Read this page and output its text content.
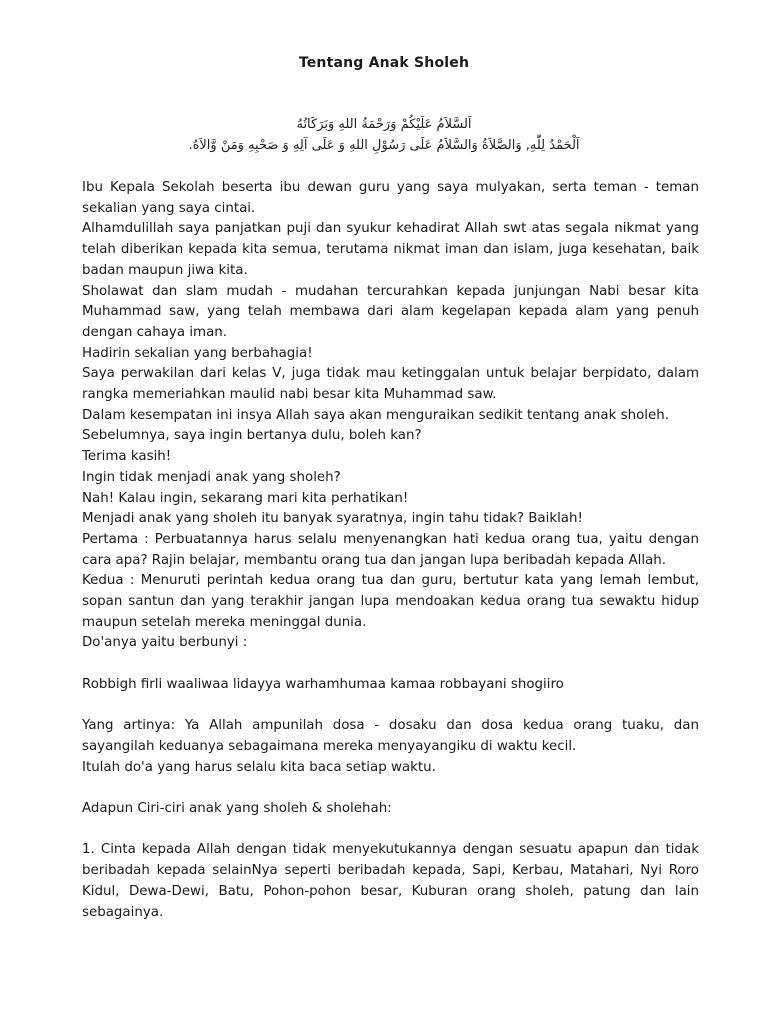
Tentang Anak Sholeh
اَلسَّلاَمُ عَلَيْكُمْ وَرَحْمَةُ اللهِ وَبَرَكَاتُهُ
اَلْحَمْدُ لِلّٰهِ, وَالصَّلاَةُ وَالسَّلاَمُ عَلَى رَسُوْلِ اللهِ وَ عَلَى آلِهِ وَ صَحْبِهِ وَمَنْ وَّالاَهُ.

Ibu Kepala Sekolah beserta ibu dewan guru yang saya mulyakan, serta teman - teman sekalian yang saya cintai.

Alhamdulillah saya panjatkan puji dan syukur kehadirat Allah swt atas segala nikmat yang telah diberikan kepada kita semua, terutama nikmat iman dan islam, juga kesehatan, baik badan maupun jiwa kita.

Sholawat dan slam mudah - mudahan tercurahkan kepada junjungan Nabi besar kita Muhammad saw, yang telah membawa dari alam kegelapan kepada alam yang penuh dengan cahaya iman.

Hadirin sekalian yang berbahagia!

Saya perwakilan dari kelas V, juga tidak mau ketinggalan untuk belajar berpidato, dalam rangka memeriahkan maulid nabi besar kita Muhammad saw.

Dalam kesempatan ini insya Allah saya akan menguraikan sedikit tentang anak sholeh.

Sebelumnya, saya ingin bertanya dulu, boleh kan?

Terima kasih!

Ingin tidak menjadi anak yang sholeh?

Nah! Kalau ingin, sekarang mari kita perhatikan!

Menjadi anak yang sholeh itu banyak syaratnya, ingin tahu tidak? Baiklah!

Pertama : Perbuatannya harus selalu menyenangkan hati kedua orang tua, yaitu dengan cara apa? Rajin belajar, membantu orang tua dan jangan lupa beribadah kepada Allah.

Kedua : Menuruti perintah kedua orang tua dan guru, bertutur kata yang lemah lembut, sopan santun dan yang terakhir jangan lupa mendoakan kedua orang tua sewaktu hidup maupun setelah mereka meninggal dunia.

Do'anya yaitu berbunyi :

Robbigh firli waaliwaa lidayya warhamhumaa kamaa robbayani shogiiro

Yang artinya: Ya Allah ampunilah dosa - dosaku dan dosa kedua orang tuaku, dan sayangilah keduanya sebagaimana mereka menyayangiku di waktu kecil.

Itulah do'a yang harus selalu kita baca setiap waktu.

Adapun Ciri-ciri anak yang sholeh & sholehah:

1. Cinta kepada Allah dengan tidak menyekutukannya dengan sesuatu apapun dan tidak beribadah kepada selainNya seperti beribadah kepada, Sapi, Kerbau, Matahari, Nyi Roro Kidul, Dewa-Dewi, Batu, Pohon-pohon besar, Kuburan orang sholeh, patung dan lain sebagainya.
